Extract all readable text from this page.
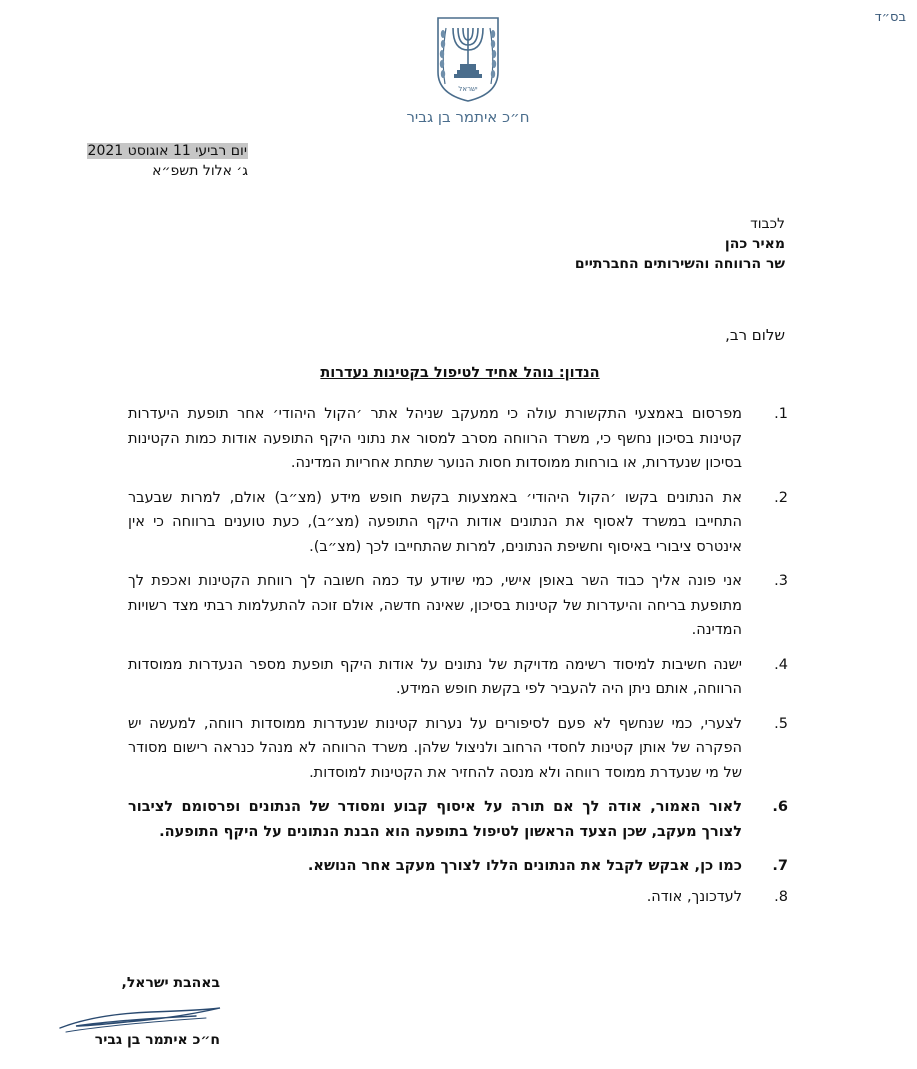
בס״ד
ישראל
ח״כ איתמר בן גביר
יום רביעי 11 אוגוסט 2021
ג׳ אלול תשפ״א
לכבוד
מאיר כהן
שר הרווחה והשירותים החברתיים
שלום רב,
הנדון: נוהל אחיד לטיפול בקטינות נעדרות
1.
מפרסום באמצעי התקשורת עולה כי ממעקב שניהל אתר ׳הקול היהודי׳ אחר תופעת היעדרות קטינות בסיכון נחשף כי, משרד הרווחה מסרב למסור את נתוני היקף התופעה אודות כמות הקטינות בסיכון שנעדרות, או בורחות ממוסדות חסות הנוער שתחת אחריות המדינה.
2.
את הנתונים בקשו ׳הקול היהודי׳ באמצעות בקשת חופש מידע (מצ״ב) אולם, למרות שבעבר התחייבו במשרד לאסוף את הנתונים אודות היקף התופעה (מצ״ב), כעת טוענים ברווחה כי אין אינטרס ציבורי באיסוף וחשיפת הנתונים, למרות שהתחייבו לכך (מצ״ב).
3.
אני פונה אליך כבוד השר באופן אישי, כמי שיודע עד כמה חשובה לך רווחת הקטינות ואכפת לך מתופעת בריחה והיעדרות של קטינות בסיכון, שאינה חדשה, אולם זוכה להתעלמות רבתי מצד רשויות המדינה.
4.
ישנה חשיבות למיסוד רשימה מדויקת של נתונים על אודות היקף תופעת מספר הנעדרות ממוסדות הרווחה, אותם ניתן היה להעביר לפי בקשת חופש המידע.
5.
לצערי, כמי שנחשף לא פעם לסיפורים על נערות קטינות שנעדרות ממוסדות רווחה, למעשה יש הפקרה של אותן קטינות לחסדי הרחוב ולניצול שלהן. משרד הרווחה לא מנהל כנראה רישום מסודר של מי שנעדרת ממוסד רווחה ולא מנסה להחזיר את הקטינות למוסדות.
6.
לאור האמור, אודה לך אם תורה על איסוף קבוע ומסודר של הנתונים ופרסומם לציבור לצורך מעקב, שכן הצעד הראשון לטיפול בתופעה הוא הבנת הנתונים על היקף התופעה.
7.
כמו כן, אבקש לקבל את הנתונים הללו לצורך מעקב אחר הנושא.
8.
לעדכונך, אודה.
באהבת ישראל,
ח״כ איתמר בן גביר
